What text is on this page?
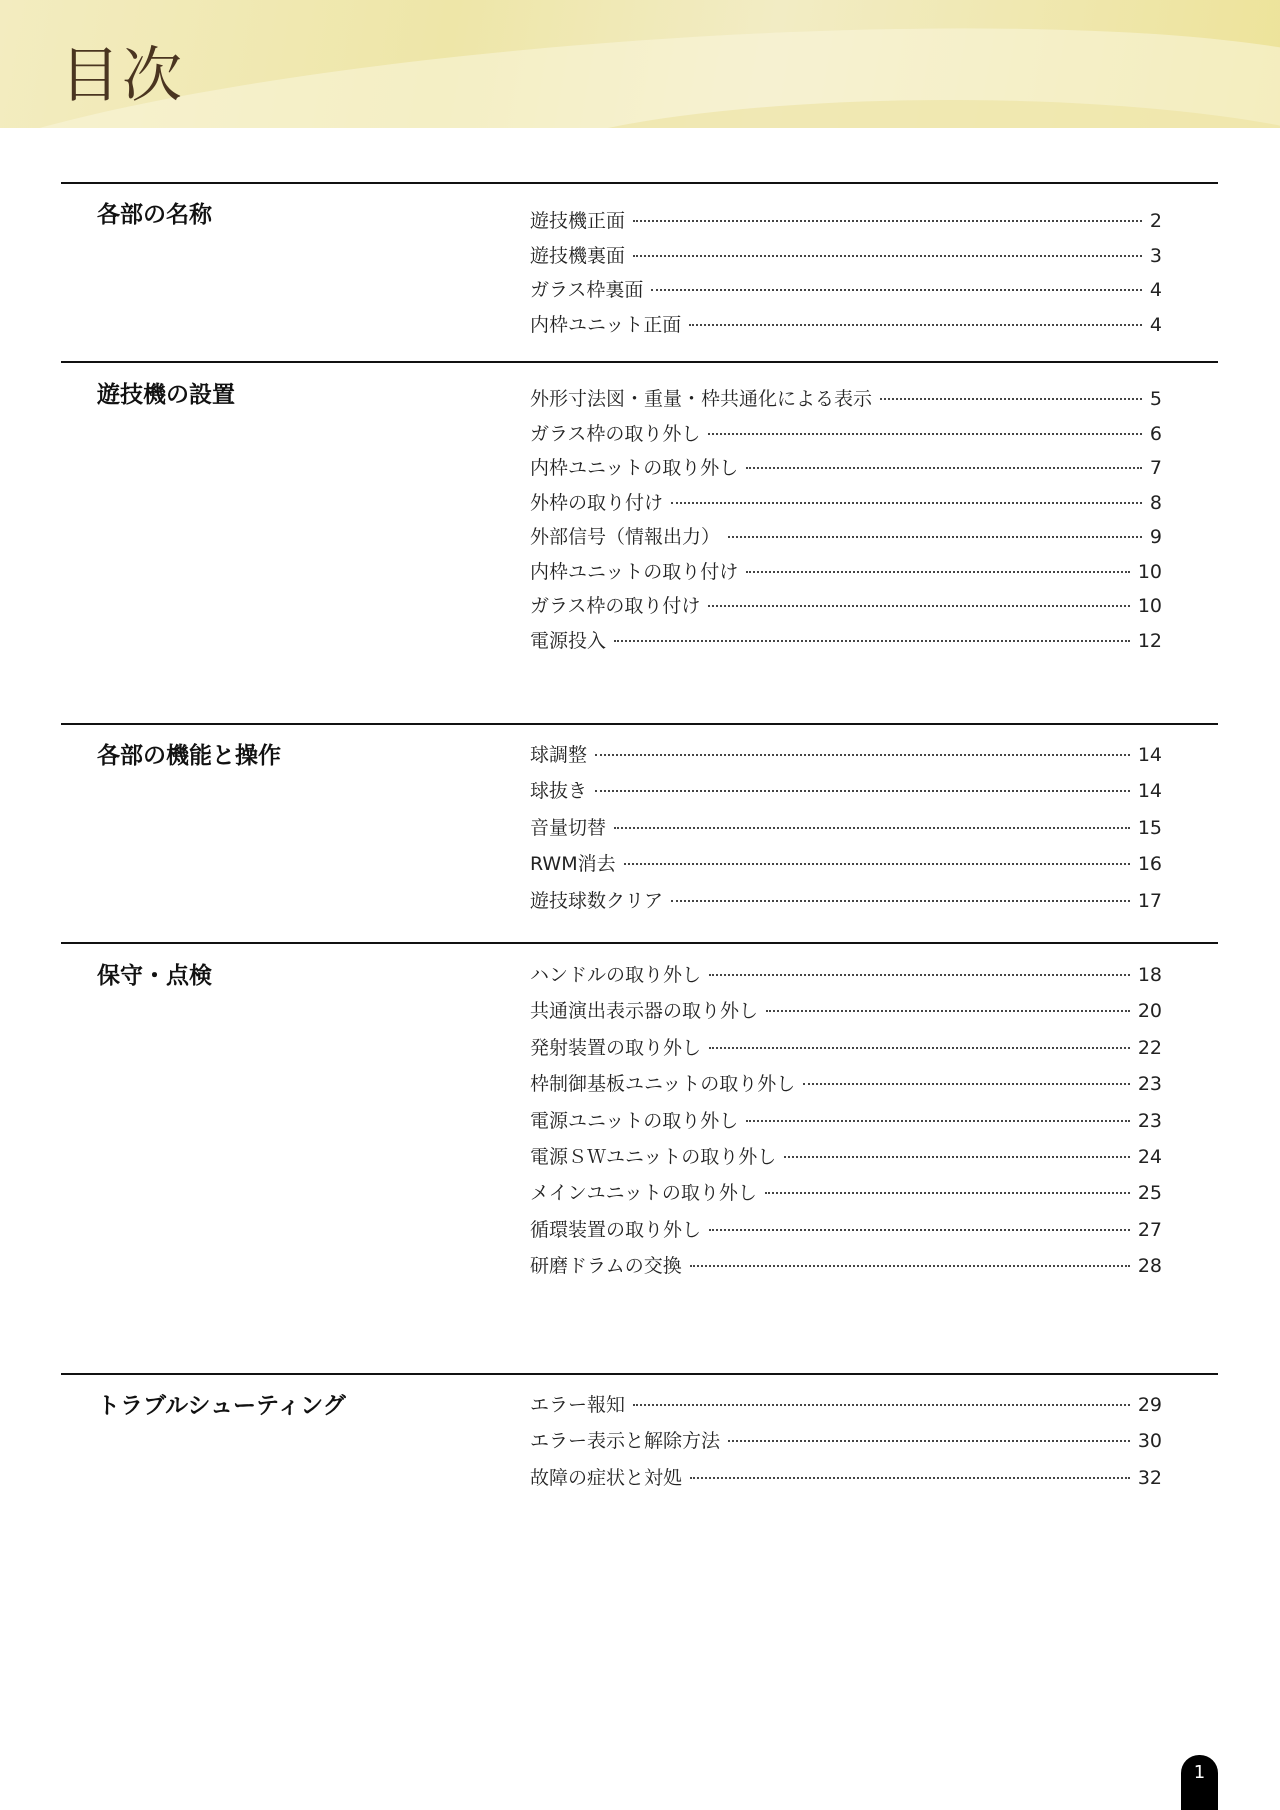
目次
各部の名称	遊技機正面	2
遊技機裏面	3
ガラス枠裏面	4
内枠ユニット正面	4
遊技機の設置	外形寸法図・重量・枠共通化による表示	5
ガラス枠の取り外し	6
内枠ユニットの取り外し	7
外枠の取り付け	8
外部信号（情報出力）	9
内枠ユニットの取り付け	10
ガラス枠の取り付け	10
電源投入	12
各部の機能と操作	球調整	14
球抜き	14
音量切替	15
RWM消去	16
遊技球数クリア	17
保守・点検	ハンドルの取り外し	18
共通演出表示器の取り外し	20
発射装置の取り外し	22
枠制御基板ユニットの取り外し	23
電源ユニットの取り外し	23
電源ＳＷユニットの取り外し	24
メインユニットの取り外し	25
循環装置の取り外し	27
研磨ドラムの交換	28
トラブルシューティング	エラー報知	29
エラー表示と解除方法	30
故障の症状と対処	32
1
